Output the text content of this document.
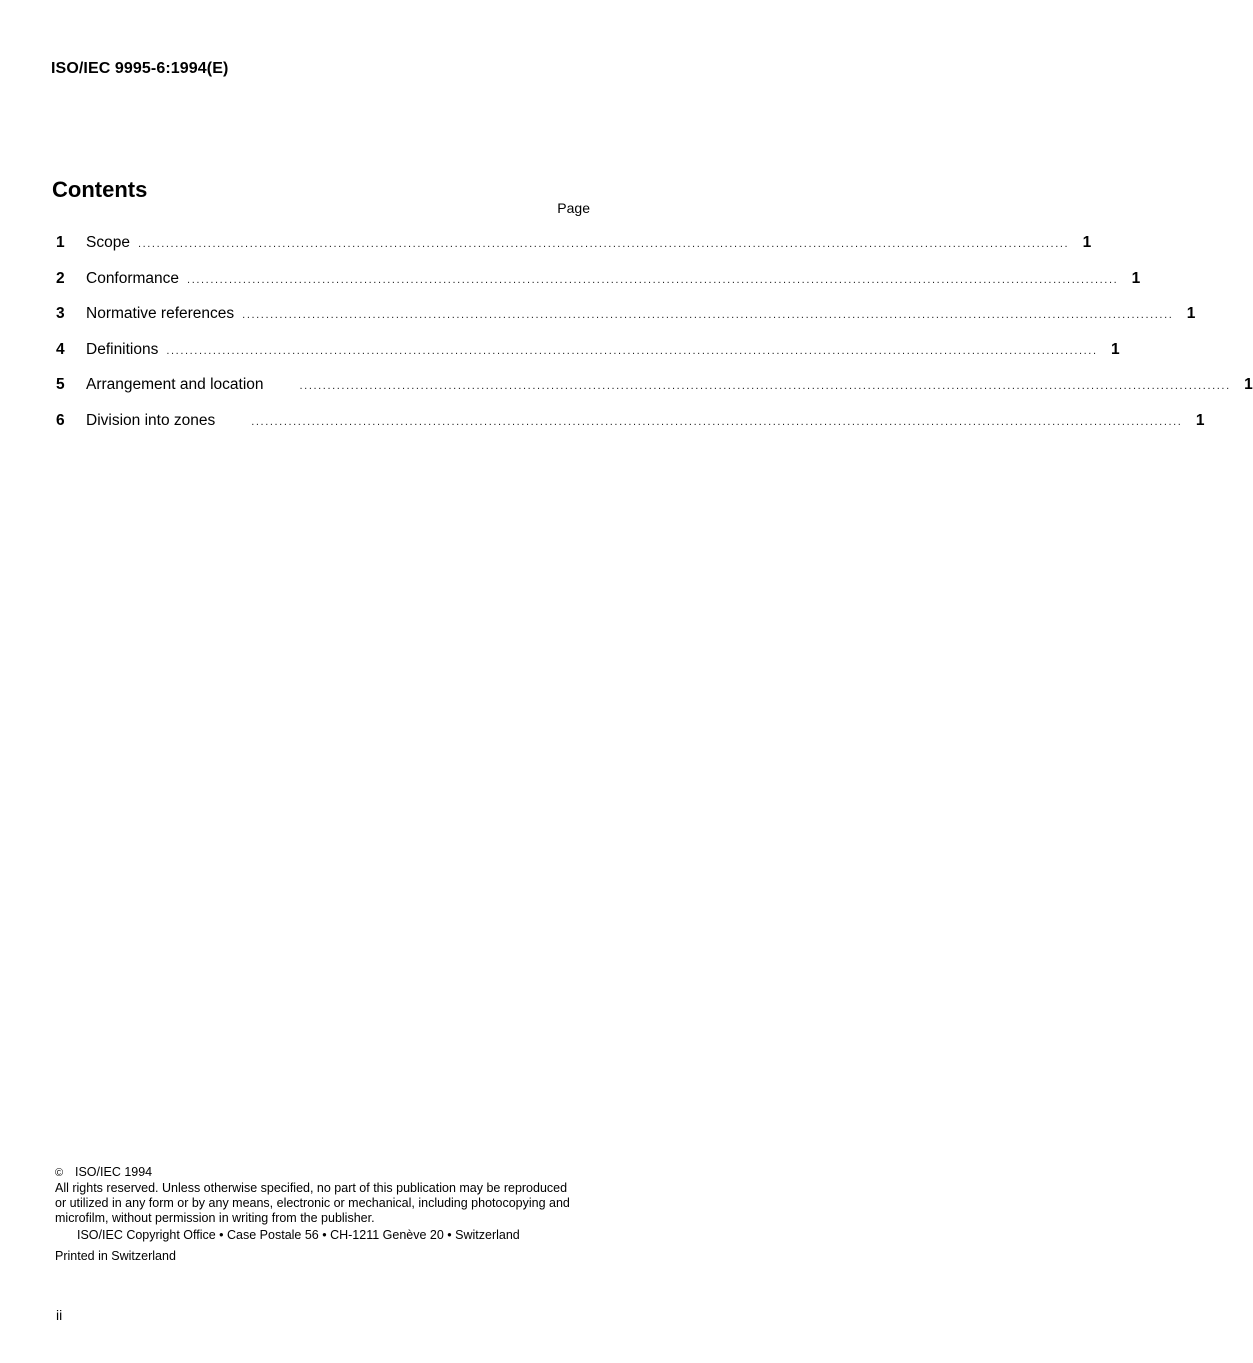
ISO/IEC 9995-6:1994(E)
Contents
Page
1	Scope ........................................................................................................................................................................................................ 1
2	Conformance ........................................................................................................................................................................................................ 1
3	Normative references ........................................................................................................................................................................................................ 1
4	Definitions ........................................................................................................................................................................................................ 1
5	Arrangement and location	........................................................................................................................................................................................................ 1
6	Division into zones	........................................................................................................................................................................................................ 1

© ISO/IEC 1994

All rights reserved. Unless otherwise specified, no part of this publication may be reproduced

or utilized in any form or by any means, electronic or mechanical, including photocopying and

microfilm, without permission in writing from the publisher.

ISO/IEC Copyright Office • Case Postale 56 • CH-1211 Genève 20 • Switzerland

Printed in Switzerland

ii
